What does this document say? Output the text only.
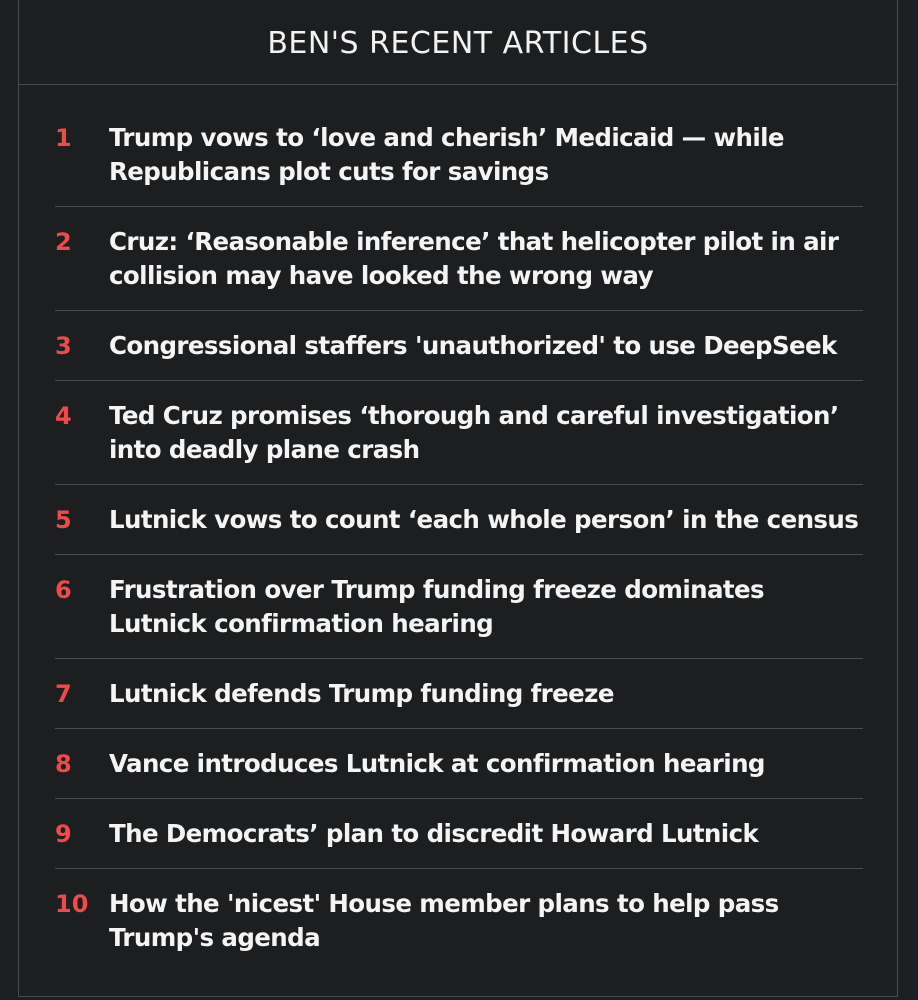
BEN'S RECENT ARTICLES
1	Trump vows to ‘love and cherish’ Medicaid — while Republicans plot cuts for savings
2	Cruz: ‘Reasonable inference’ that helicopter pilot in air collision may have looked the wrong way
3	Congressional staffers 'unauthorized' to use DeepSeek
4	Ted Cruz promises ‘thorough and careful investigation’ into deadly plane crash
5	Lutnick vows to count ‘each whole person’ in the census
6	Frustration over Trump funding freeze dominates Lutnick confirmation hearing
7	Lutnick defends Trump funding freeze
8	Vance introduces Lutnick at confirmation hearing
9	The Democrats’ plan to discredit Howard Lutnick
10 How the 'nicest' House member plans to help pass Trump's agenda
